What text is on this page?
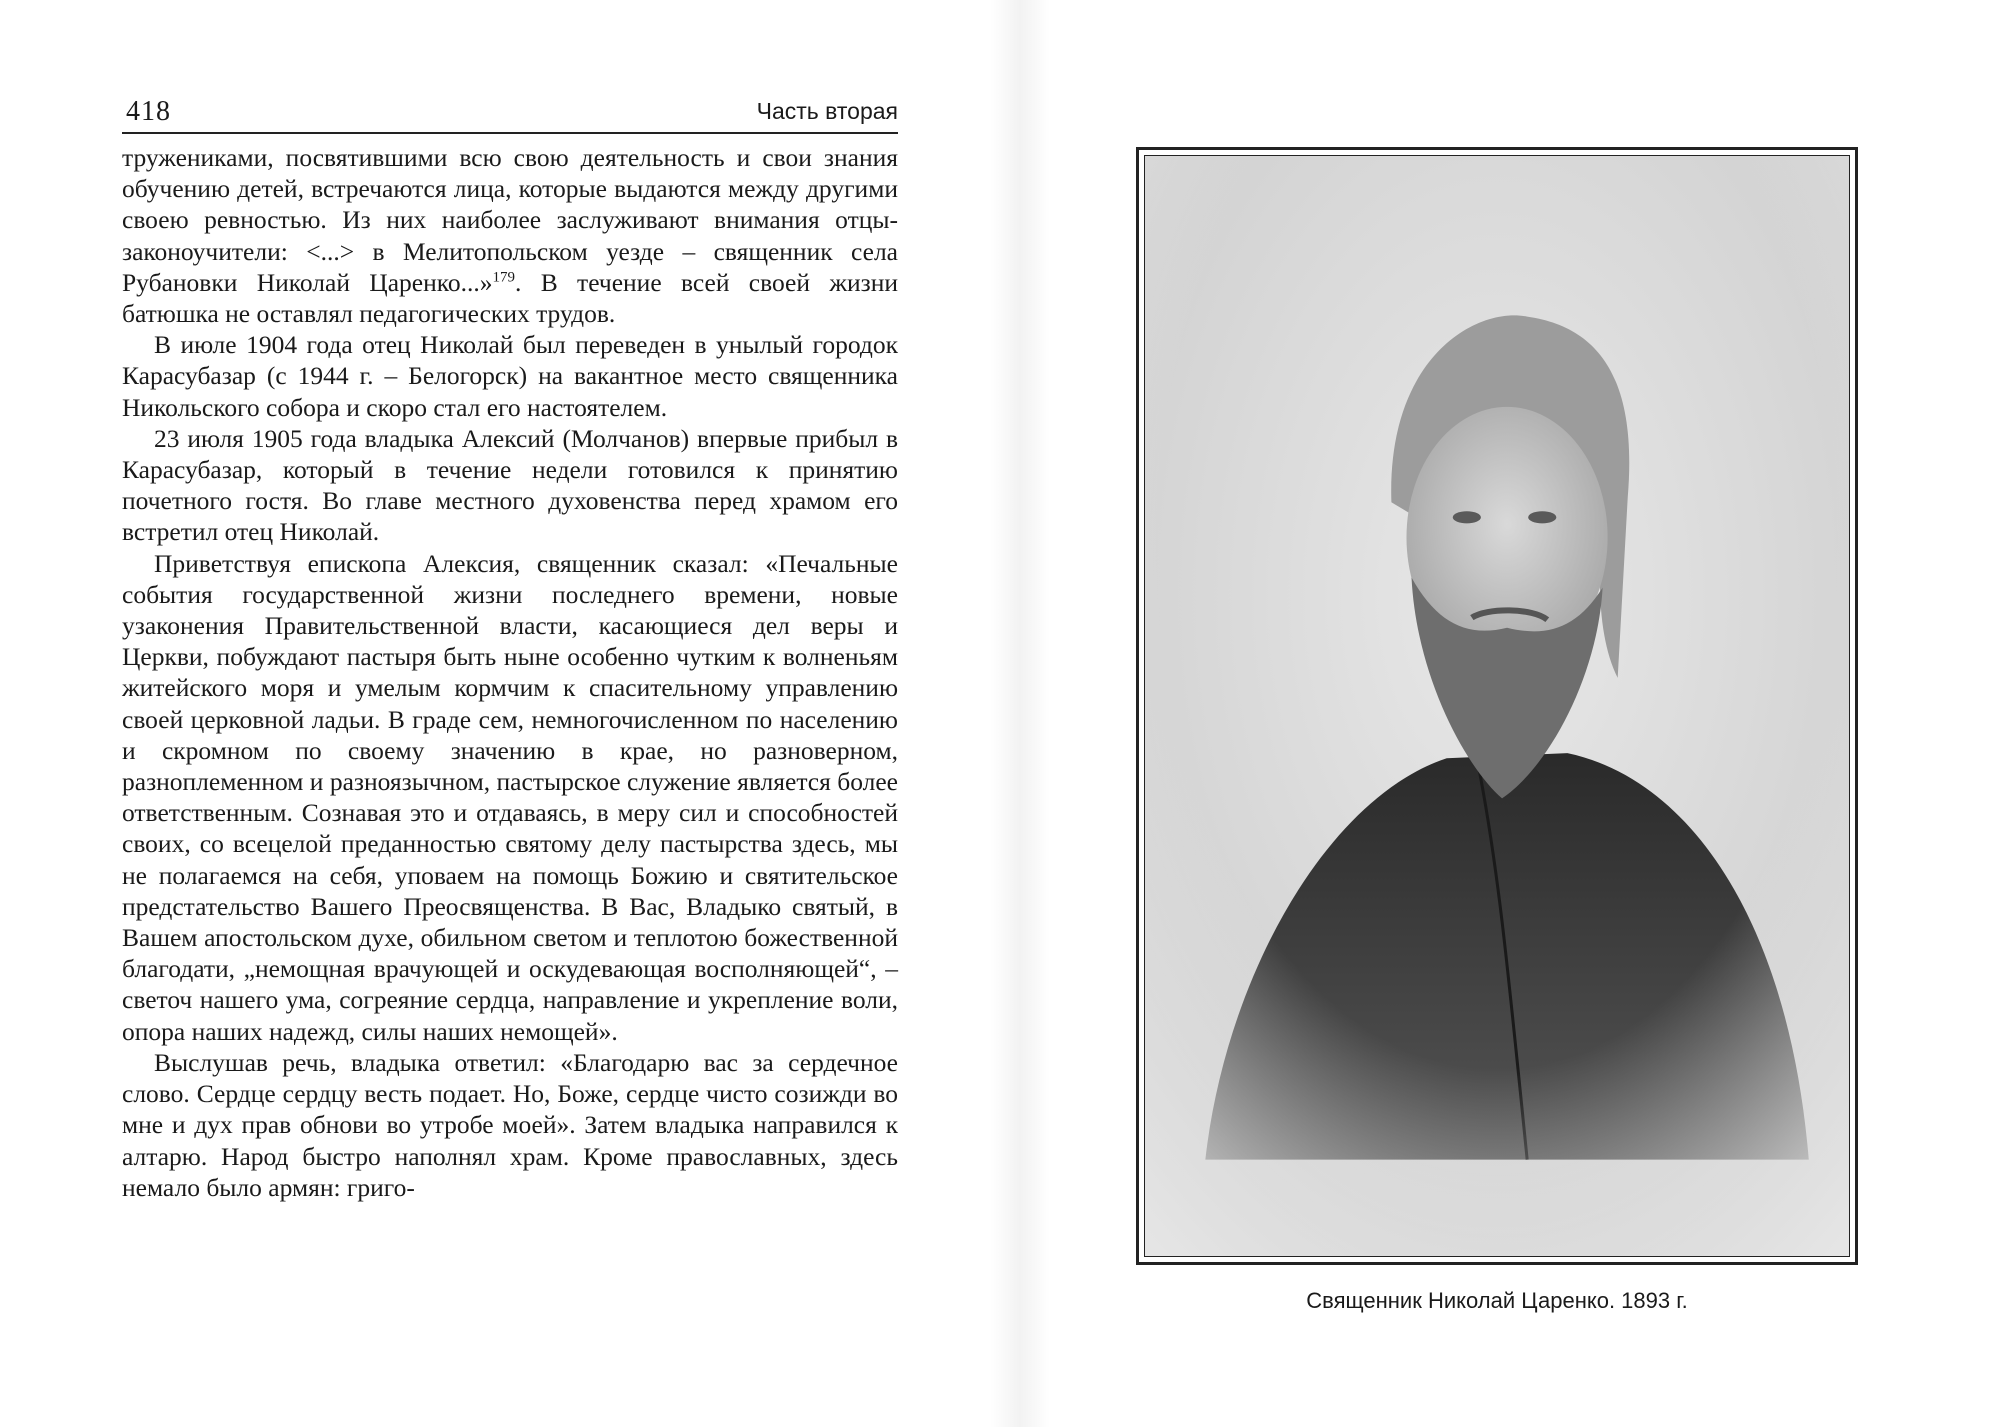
418	Часть вторая

тружениками, посвятившими всю свою деятельность и свои знания обучению детей, встречаются лица, которые выдаются между другими своею ревностью. Из них наиболее заслуживают внимания отцы-законоучители: <...> в Мелитопольском уезде – священник села Рубановки Николай Царенко...»$^{179}$. В течение всей своей жизни батюшка не оставлял педагогических трудов.

В июле 1904 года отец Николай был переведен в унылый городок Карасубазар (с 1944 г. – Белогорск) на вакантное место священника Никольского собора и скоро стал его настоятелем.

23 июля 1905 года владыка Алексий (Молчанов) впервые прибыл в Карасубазар, который в течение недели готовился к принятию почетного гостя. Во главе местного духовенства перед храмом его встретил отец Николай.

Приветствуя епископа Алексия, священник сказал: «Печальные события государственной жизни последнего времени, новые узаконения Правительственной власти, касающиеся дел веры и Церкви, побуждают пастыря быть ныне особенно чутким к волненьям житейского моря и умелым кормчим к спасительному управлению своей церковной ладьи. В граде сем, немногочисленном по населению и скромном по своему значению в крае, но разноверном, разноплеменном и разноязычном, пастырское служение является более ответственным. Сознавая это и отдаваясь, в меру сил и способностей своих, со всецелой преданностью святому делу пастырства здесь, мы не полагаемся на себя, уповаем на помощь Божию и святительское предстательство Вашего Преосвященства. В Вас, Владыко святый, в Вашем апостольском духе, обильном светом и теплотою божественной благодати, „немощная врачующей и оскудевающая восполняющей“, – светоч нашего ума, согреяние сердца, направление и укрепление воли, опора наших надежд, силы наших немощей».

Выслушав речь, владыка ответил: «Благодарю вас за сердечное слово. Сердце сердцу весть подает. Но, Боже, сердце чисто созижди во мне и дух прав обнови во утробе моей». Затем владыка направился к алтарю. Народ быстро наполнял храм. Кроме православных, здесь немало было армян: григо-

Священник Николай Царенко. 1893 г.
